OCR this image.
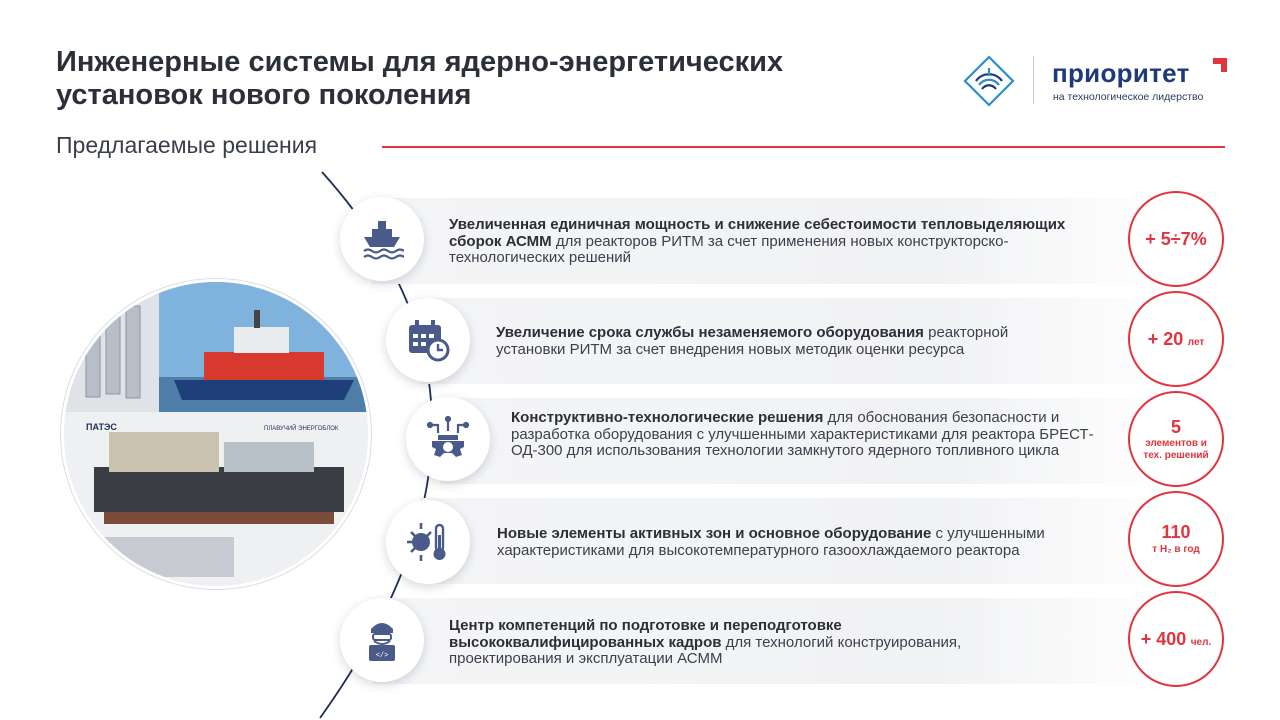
Инженерные системы для ядерно-энергетических установок нового поколения
Предлагаемые решения
приоритет
на технологическое лидерство
ПАТЭС	ПЛАВУЧИЙ ЭНЕРГОБЛОК
Увеличенная единичная мощность и снижение себестоимости тепловыделяющих сборок АСММ для реакторов РИТМ за счет применения новых конструкторско-технологических решений
+ 5÷7%
Увеличение срока службы незаменяемого оборудования реакторной установки РИТМ за счет внедрения новых методик оценки ресурса
+ 20 лет
Конструктивно-технологические решения для обоснования безопасности и разработка оборудования с улучшенными характеристиками для реактора БРЕСТ-ОД-300 для использования технологии замкнутого ядерного топливного цикла
5
элементов и тех. решений
Новые элементы активных зон и основное оборудование с улучшенными характеристиками для высокотемпературного газоохлаждаемого реактора
110
т H₂ в год
</>
Центр компетенций по подготовке и переподготовке высококвалифицированных кадров для технологий конструирования, проектирования и эксплуатации АСММ
+ 400 чел.
